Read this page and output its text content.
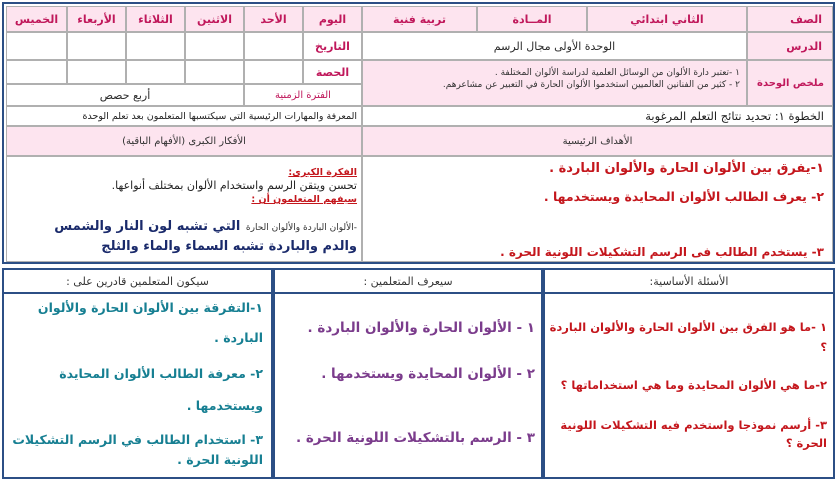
الصف
الثاني ابتدائي
المــادة
تربية فنية
اليوم
الأحد
الاثنين
الثلاثاء
الأربعاء
الخميس
الدرس
الوحدة الأولى مجال الرسم
التاريخ
ملخص الوحدة
١ -تعتبر دارة الألوان من الوسائل العلمية لدراسة الألوان المختلفة .
٢ - كثير من الفنانين العالميين استخدموا الألوان الحارة في التعبير عن مشاعرهم.
الحصة
الفترة الزمنية
أربع حصص
الخطوة ١: تحديد نتائج التعلم المرغوبة
المعرفة والمهارات الرئيسية التي سيكتسبها المتعلمون بعد تعلم الوحدة
الأهداف الرئيسية
الأفكار الكبرى (الأفهام الباقية)
١-يفرق بين الألوان الحارة والألوان الباردة .
٢- يعرف الطالب الألوان المحايدة ويستخدمها .
٣- يستخدم الطالب فى الرسم التشكيلات اللونية الحرة .
الفكرة الكبرى:
تحسن ويتقن الرسم واستخدام الألوان بمختلف أنواعها.
سيفهم المتعلمون أن :
-الألوان الباردة والألوان الحارة التي تشبه لون النار والشمس
والدم والباردة تشبه السماء والماء والثلج
الأسئلة الأساسية:
١ -ما هو الفرق بين الألوان الحارة والألوان الباردة
؟
٢-ما هي الألوان المحايدة وما هي استخداماتها ؟
٣- أرسم نموذجا واستخدم فيه التشكيلات اللونية
الحرة ؟
سيعرف المتعلمين :
١ - الألوان الحارة والألوان الباردة .
٢ - الألوان المحايدة ويستخدمها .
٣ - الرسم بالتشكيلات اللونية الحرة .
سيكون المتعلمين قادرين على :
١-التفرقة بين الألوان الحارة والألوان
الباردة .
٢- معرفة الطالب الألوان المحايدة
ويستخدمها .
٣- استخدام الطالب في الرسم التشكيلات
اللونية الحرة .
